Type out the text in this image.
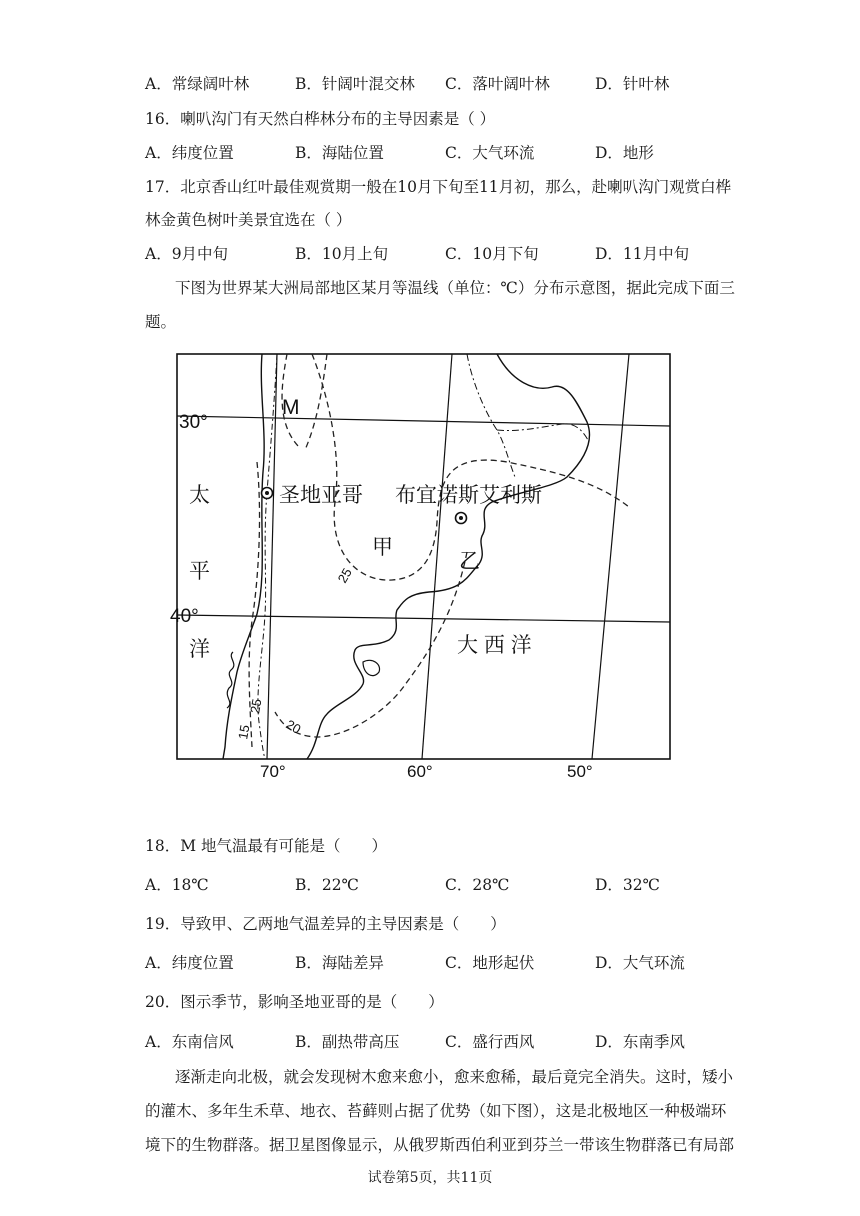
A．常绿阔叶林	B．针阔叶混交林 C．落叶阔叶林	D．针叶林
16．喇叭沟门有天然白桦林分布的主导因素是（ ）
A．纬度位置	B．海陆位置	C．大气环流	D．地形
17．北京香山红叶最佳观赏期一般在10月下旬至11月初，那么，赴喇叭沟门观赏白桦
林金黄色树叶美景宜选在（ ）
A．9月中旬	B．10月上旬	C．10月下旬	D．11月中旬
下图为世界某大洲局部地区某月等温线（单位：℃）分布示意图，据此完成下面三
题。
30°
40°
70°	60°	50°
M
太
平
洋
圣地亚哥 布宜诺斯艾利斯
甲
乙
大 西 洋
25
20
15
25
18．M 地气温最有可能是（　　）
A．18℃	B．22℃	C．28℃	D．32℃
19．导致甲、乙两地气温差异的主导因素是（　　）
A．纬度位置	B．海陆差异	C．地形起伏	D．大气环流
20．图示季节，影响圣地亚哥的是（　　）
A．东南信风	B．副热带高压	C．盛行西风	D．东南季风
逐渐走向北极，就会发现树木愈来愈小，愈来愈稀，最后竟完全消失。这时，矮小
的灌木、多年生禾草、地衣、苔藓则占据了优势（如下图），这是北极地区一种极端环
境下的生物群落。据卫星图像显示，从俄罗斯西伯利亚到芬兰一带该生物群落已有局部
试卷第5页，共11页
